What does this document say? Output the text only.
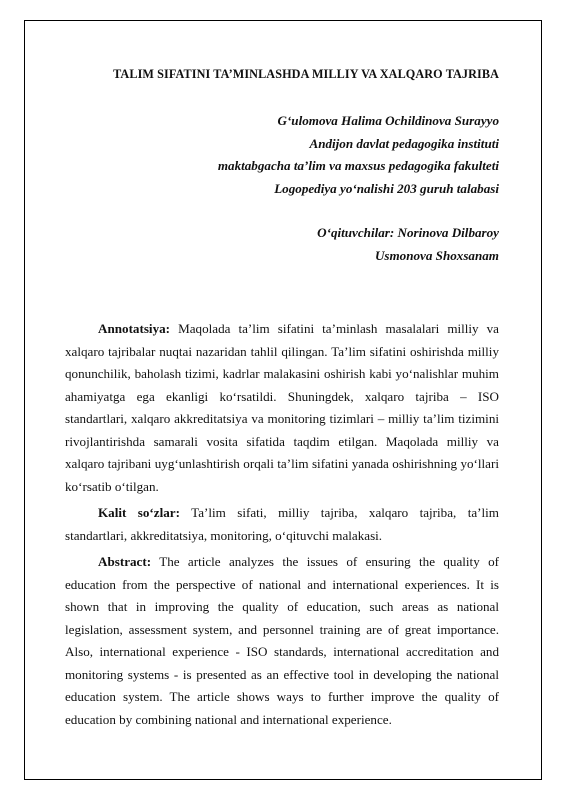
TALIM SIFATINI TA’MINLASHDA MILLIY VA XALQARO TAJRIBA
G‘ulomova Halima Ochildinova Surayyo
Andijon davlat pedagogika instituti
maktabgacha ta’lim va maxsus pedagogika fakulteti
Logopediya yo‘nalishi 203 guruh talabasi
O‘qituvchilar: Norinova Dilbaroy
Usmonova Shoxsanam

Annotatsiya: Maqolada ta’lim sifatini ta’minlash masalalari milliy va xalqaro tajribalar nuqtai nazaridan tahlil qilingan. Ta’lim sifatini oshirishda milliy qonunchilik, baholash tizimi, kadrlar malakasini oshirish kabi yo‘nalishlar muhim ahamiyatga ega ekanligi ko‘rsatildi. Shuningdek, xalqaro tajriba – ISO standartlari, xalqaro akkreditatsiya va monitoring tizimlari – milliy ta’lim tizimini rivojlantirishda samarali vosita sifatida taqdim etilgan. Maqolada milliy va xalqaro tajribani uyg‘unlashtirish orqali ta’lim sifatini yanada oshirishning yo‘llari ko‘rsatib o‘tilgan.

Kalit so‘zlar: Ta’lim sifati, milliy tajriba, xalqaro tajriba, ta’lim standartlari, akkreditatsiya, monitoring, o‘qituvchi malakasi.

Abstract: The article analyzes the issues of ensuring the quality of education from the perspective of national and international experiences. It is shown that in improving the quality of education, such areas as national legislation, assessment system, and personnel training are of great importance. Also, international experience - ISO standards, international accreditation and monitoring systems - is presented as an effective tool in developing the national education system. The article shows ways to further improve the quality of education by combining national and international experience.
